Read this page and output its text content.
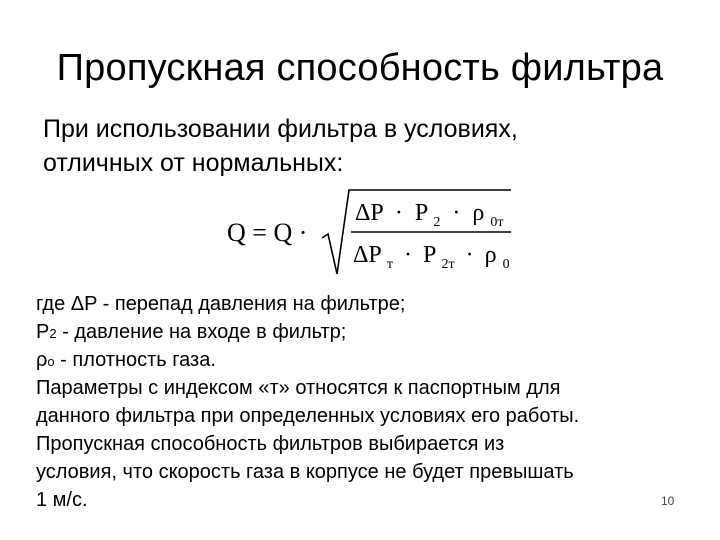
Пропускная способность фильтра
При использовании фильтра в условиях,
отличных от нормальных:
Q = Q ·
ΔP · P $_2$ · ρ $_{0т}$
ΔP $_т$ · P $_{2т}$ · ρ $_0$
где ΔP - перепад давления на фильтре;
P2 - давление на входе в фильтр;
ρo - плотность газа.
Параметры с индексом «т» относятся к паспортным для
данного фильтра при определенных условиях его работы.
Пропускная способность фильтров выбирается из
условия, что скорость газа в корпусе не будет превышать
1 м/с.	10
